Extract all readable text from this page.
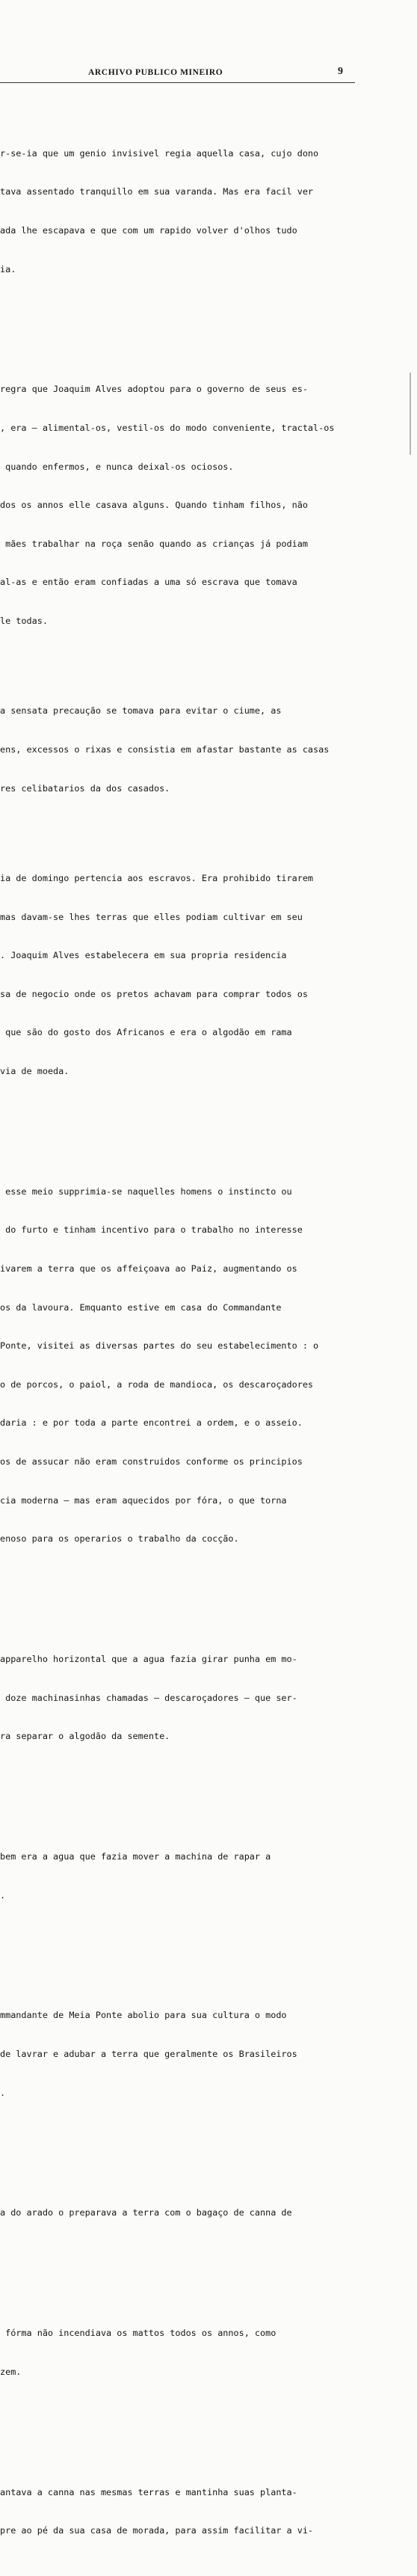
ARCHIVO PUBLICO MINEIRO	9

r-se-ia que um genio invisivel regia aquella casa, cujo dono

tava assentado tranquillo em sua varanda. Mas era facil ver

ada lhe escapava e que com um rapido volver d'olhos tudo

ia.

regra que Joaquim Alves adoptou para o governo de seus es-

, era — alimental-os, vestil-os do modo conveniente, tractal-os

quando enfermos, e nunca deixal-os ociosos.

dos os annos elle casava alguns. Quando tinham filhos, não

mães trabalhar na roça senão quando as crianças já podiam

al-as e então eram confiadas a uma só escrava que tomava

le todas.

a sensata precaução se tomava para evitar o ciume, as

ens, excessos o rixas e consistia em afastar bastante as casas

res celibatarios da dos casados.

ia de domingo pertencia aos escravos. Era prohibido tirarem

mas davam-se lhes terras que elles podiam cultivar em seu

. Joaquim Alves estabelecera em sua propria residencia

sa de negocio onde os pretos achavam para comprar todos os

que são do gosto dos Africanos e era o algodão em rama

via de moeda.

esse meio supprimia-se naquelles homens o instincto ou

do furto e tinham incentivo para o trabalho no interesse

ivarem a terra que os affeiçoava ao Paiz, augmentando os

os da lavoura. Emquanto estive em casa do Commandante

Ponte, visitei as diversas partes do seu estabelecimento : o

o de porcos, o paiol, a roda de mandioca, os descaroçadores

daria : e por toda a parte encontrei a ordem, e o asseio.

os de assucar não eram construidos conforme os principios

cia moderna — mas eram aquecidos por fóra, o que torna

enoso para os operarios o trabalho da cocção.

apparelho horizontal que a agua fazia girar punha em mo-

doze machinasinhas chamadas — descaroçadores — que ser-

ra separar o algodão da semente.

bem era a agua que fazia mover a machina de rapar a

.

mmandante de Meia Ponte abolio para sua cultura o modo

de lavrar e adubar a terra que geralmente os Brasileiros

.

a do arado o preparava a terra com o bagaço de canna de

fórma não incendiava os mattos todos os annos, como

zem.

antava a canna nas mesmas terras e mantinha suas planta-

pre ao pé da sua casa de morada, para assim facilitar a vi-
